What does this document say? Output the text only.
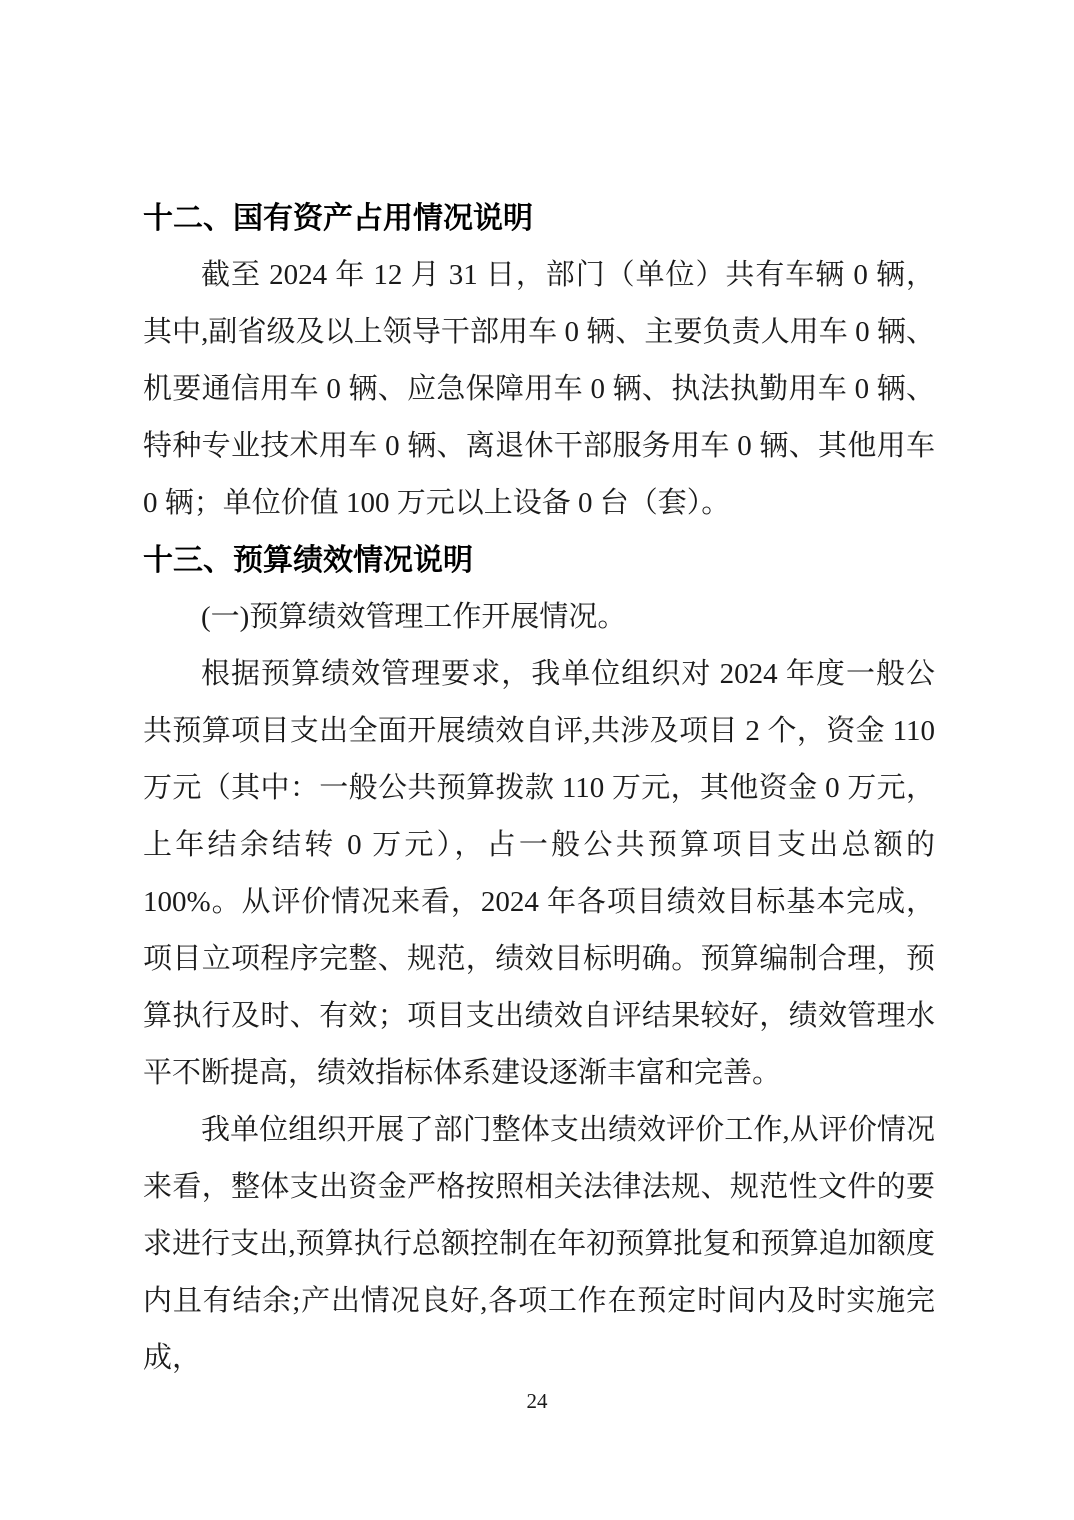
十二、国有资产占用情况说明

截至 2024 年 12 月 31 日，部门（单位）共有车辆 0 辆，其中,副省级及以上领导干部用车 0 辆、主要负责人用车 0 辆、机要通信用车 0 辆、应急保障用车 0 辆、执法执勤用车 0 辆、特种专业技术用车 0 辆、离退休干部服务用车 0 辆、其他用车 0 辆；单位价值 100 万元以上设备 0 台（套）。

十三、预算绩效情况说明

(一)预算绩效管理工作开展情况。

根据预算绩效管理要求，我单位组织对 2024 年度一般公共预算项目支出全面开展绩效自评,共涉及项目 2 个，资金 110 万元（其中：一般公共预算拨款 110 万元，其他资金 0 万元，上年结余结转 0 万元），占一般公共预算项目支出总额的 100%。从评价情况来看，2024 年各项目绩效目标基本完成，项目立项程序完整、规范，绩效目标明确。预算编制合理，预算执行及时、有效；项目支出绩效自评结果较好，绩效管理水平不断提高，绩效指标体系建设逐渐丰富和完善。

我单位组织开展了部门整体支出绩效评价工作,从评价情况来看，整体支出资金严格按照相关法律法规、规范性文件的要求进行支出,预算执行总额控制在年初预算批复和预算追加额度内且有结余;产出情况良好,各项工作在预定时间内及时实施完成，

24
